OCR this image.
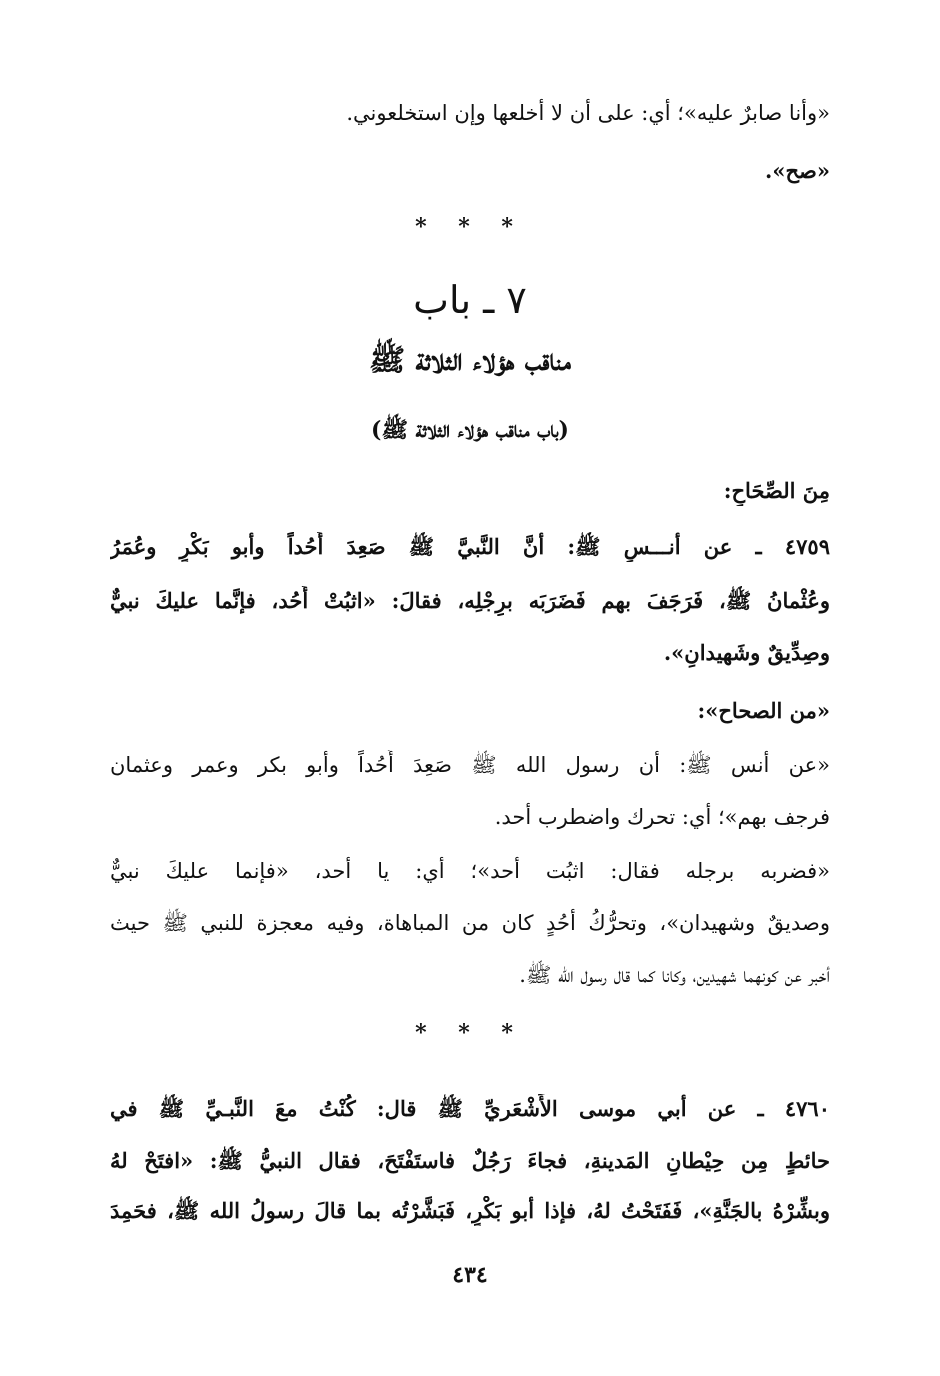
«وأنا صابرٌ عليه»؛ أي: على أن لا أخلعها وإن استخلعوني.
«صح».
* * *
٧ ـ باب
مناقب هؤلاء الثلاثة ﷺ
(باب مناقب هؤلاء الثلاثة ﷺ)
مِنَ الصِّحَاحِ:
٤٧٥٩ ـ عن أنـــسٍ ﷺ: أنَّ النَّبيَّ ﷺ صَعِدَ أُحُداً وأبو بَكْرٍ وعُمَرُ
وعُثْمانُ ﷺ، فَرَجَفَ بهم فَضَرَبَه برِجْلِه، فقالَ: «اثبُتْ أُحُد، فإنَّما عليكَ نبيٌّ
وصِدِّيقٌ وشَهيدانِ».
«من الصحاح»:
«عن أنس ﷺ: أن رسول الله ﷺ صَعِدَ أُحُداً وأبو بكر وعمر وعثمان
فرجف بهم»؛ أي: تحرك واضطرب أحد.
«فضربه برجله فقال: اثبُت أحد»؛ أي: يا أحد، «فإنما عليكَ نبيٌّ
وصديقٌ وشهيدان»، وتحرُّكُ أحُدٍ كان من المباهاة، وفيه معجزة للنبي ﷺ حيث
أخبر عن كونهما شهيدين، وكانا كما قال رسول الله ﷺ.
* * *
٤٧٦٠ ـ عن أبي موسى الأَشْعَريِّ ﷺ قال: كُنْتُ معَ النَّبـيِّ ﷺ في
حائطٍ مِن حِيْطانِ المَدينةِ، فجاءَ رَجُلٌ فاستَفْتَحَ، فقال النبيُّ ﷺ: «افتَحْ لهُ
وبشِّرْهُ بالجَنَّةِ»، فَفَتَحْتُ لهُ، فإذا أبو بَكْرٍ، فَبَشَّرْتُه بما قالَ رسولُ الله ﷺ، فحَمِدَ
٤٣٤
